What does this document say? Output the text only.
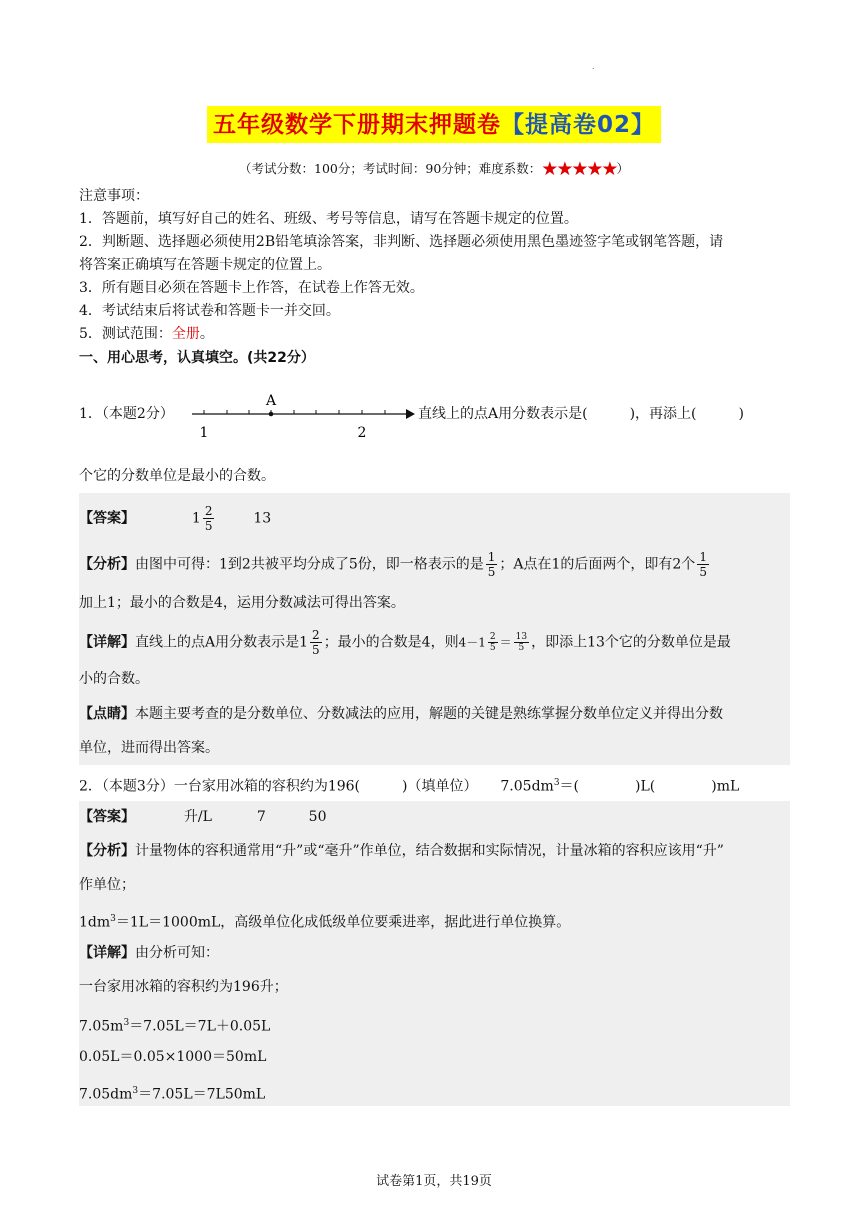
.
五年级数学下册期末押题卷【提高卷02】
（考试分数：100分；考试时间：90分钟；难度系数：★★★★★）

注意事项：

1．答题前，填写好自己的姓名、班级、考号等信息，请写在答题卡规定的位置。

2．判断题、选择题必须使用2B铅笔填涂答案，非判断、选择题必须使用黑色墨迹签字笔或钢笔答题，请

将答案正确填写在答题卡规定的位置上。

3．所有题目必须在答题卡上作答，在试卷上作答无效。

4．考试结束后将试卷和答题卡一并交回。

5．测试范围：全册。

一、用心思考，认真填空。(共22分）
1．（本题2分）
A
1	2
直线上的点A用分数表示是(　　　)，再添上(　　　)
个它的分数单位是最小的合数。
【答案】	$1 \frac{2}{5}$	13
【分析】由图中可得：1到2共被平均分成了5份，即一格表示的是 $\frac{1}{5}$ ；A点在1的后面两个，即有2个 $\frac{1}{5}$
加上1；最小的合数是4，运用分数减法可得出答案。
【详解】直线上的点A用分数表示是$1 \frac{2}{5}$ ；最小的合数是4，则$4-1 \frac{2}{5} = \frac{13}{5}$ ，即添上13个它的分数单位是最
小的合数。
【点睛】本题主要考查的是分数单位、分数减法的应用，解题的关键是熟练掌握分数单位定义并得出分数
单位，进而得出答案。
2．（本题3分）一台家用冰箱的容积约为196(　　　)（填单位） $7.05dm^3=$(　　　　)L(　　　　)mL
【答案】	升/L	7	50
【分析】计量物体的容积通常用“升”或“毫升”作单位，结合数据和实际情况，计量冰箱的容积应该用“升”
作单位；
$1dm^3=1L=1000mL$，高级单位化成低级单位要乘进率，据此进行单位换算。
【详解】由分析可知：
一台家用冰箱的容积约为196升；
$7.05m^3=7.05L=7L+0.05L$
0.05L＝0.05×1000＝50mL
$7.05dm^3=7.05L=7L50mL$
试卷第1页，共19页
